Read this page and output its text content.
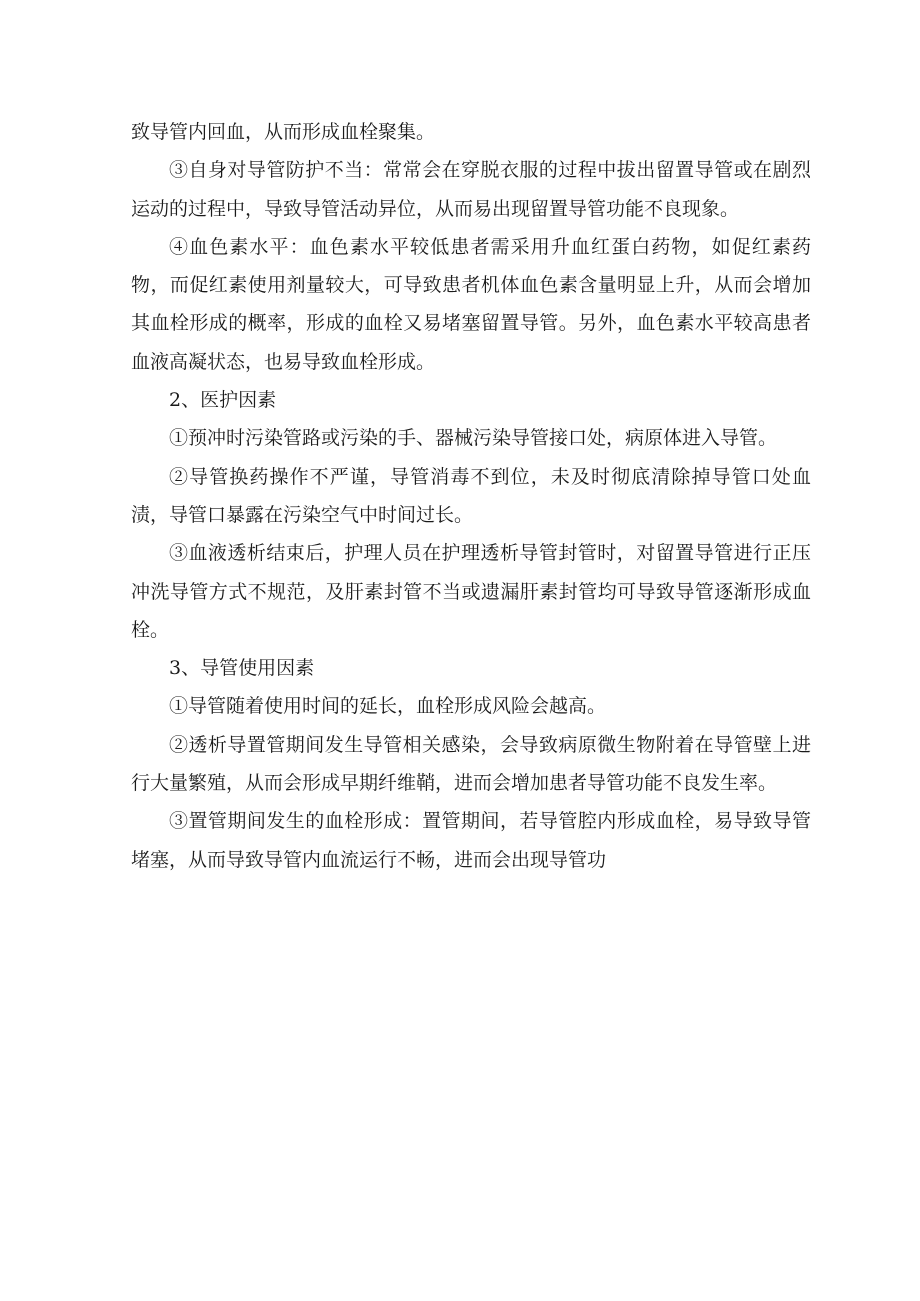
致导管内回血，从而形成血栓聚集。

③自身对导管防护不当：常常会在穿脱衣服的过程中拔出留置导管或在剧烈运动的过程中，导致导管活动异位，从而易出现留置导管功能不良现象。

④血色素水平：血色素水平较低患者需采用升血红蛋白药物，如促红素药物，而促红素使用剂量较大，可导致患者机体血色素含量明显上升，从而会增加其血栓形成的概率，形成的血栓又易堵塞留置导管。另外，血色素水平较高患者血液高凝状态，也易导致血栓形成。

2、医护因素

①预冲时污染管路或污染的手、器械污染导管接口处，病原体进入导管。

②导管换药操作不严谨，导管消毒不到位，未及时彻底清除掉导管口处血渍，导管口暴露在污染空气中时间过长。

③血液透析结束后，护理人员在护理透析导管封管时，对留置导管进行正压冲洗导管方式不规范，及肝素封管不当或遗漏肝素封管均可导致导管逐渐形成血栓。

3、导管使用因素

①导管随着使用时间的延长，血栓形成风险会越高。

②透析导置管期间发生导管相关感染，会导致病原微生物附着在导管壁上进行大量繁殖，从而会形成早期纤维鞘，进而会增加患者导管功能不良发生率。

③置管期间发生的血栓形成：置管期间，若导管腔内形成血栓，易导致导管堵塞，从而导致导管内血流运行不畅，进而会出现导管功
